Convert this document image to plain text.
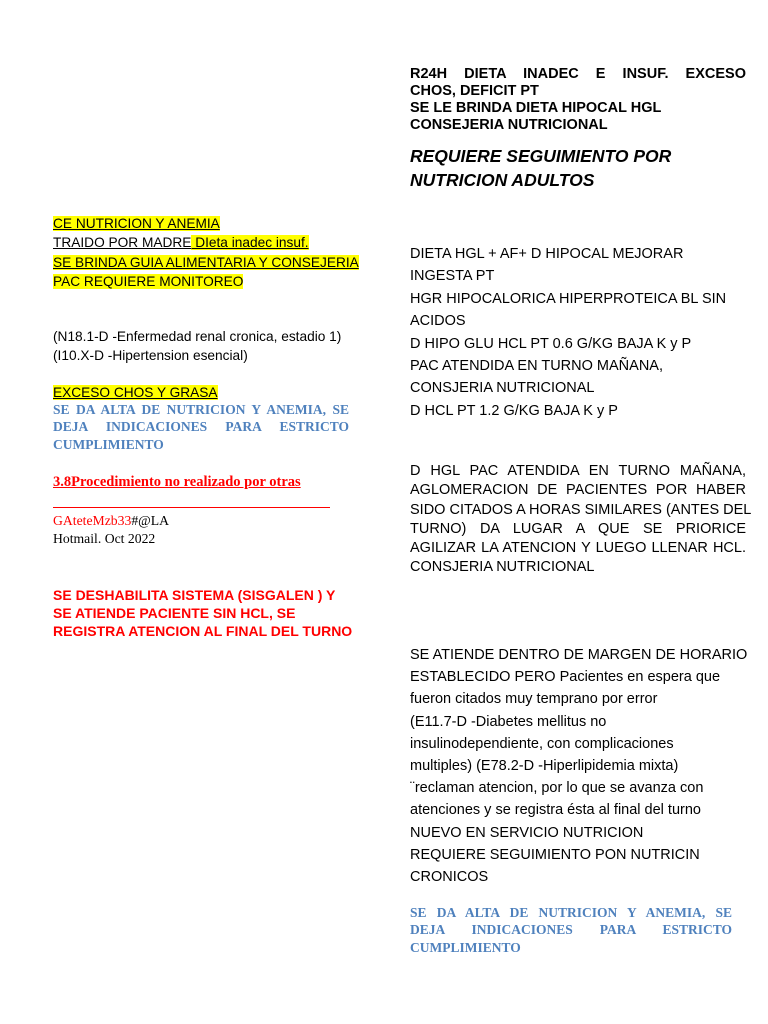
R24H DIETA INADEC E INSUF. EXCESO
CHOS, DEFICIT PT
SE LE BRINDA DIETA HIPOCAL HGL
CONSEJERIA NUTRICIONAL
REQUIERE SEGUIMIENTO POR
NUTRICION ADULTOS
DIETA HGL + AF+ D HIPOCAL MEJORAR
INGESTA PT
HGR HIPOCALORICA HIPERPROTEICA BL SIN
ACIDOS
D HIPO GLU HCL PT 0.6 G/KG BAJA K y P
PAC ATENDIDA EN TURNO MAÑANA,
CONSJERIA NUTRICIONAL
D HCL PT 1.2 G/KG BAJA K y P
D HGL PAC ATENDIDA EN TURNO MAÑANA,
AGLOMERACION DE PACIENTES POR HABER
SIDO CITADOS A HORAS SIMILARES (ANTES DEL
TURNO) DA LUGAR A QUE SE PRIORICE
AGILIZAR LA ATENCION Y LUEGO LLENAR HCL.
CONSJERIA NUTRICIONAL
SE ATIENDE DENTRO DE MARGEN DE HORARIO
ESTABLECIDO PERO Pacientes en espera que
fueron citados muy temprano por error
(E11.7-D -Diabetes mellitus no
insulinodependiente, con complicaciones
multiples) (E78.2-D -Hiperlipidemia mixta)
¨reclaman atencion, por lo que se avanza con
atenciones y se registra ésta al final del turno
NUEVO EN SERVICIO NUTRICION
REQUIERE SEGUIMIENTO PON NUTRICIN
CRONICOS
SE DA ALTA DE NUTRICION Y ANEMIA, SE
DEJA INDICACIONES PARA ESTRICTO
CUMPLIMIENTO
CE NUTRICION Y ANEMIA
TRAIDO POR MADRE DIeta inadec insuf.
SE BRINDA GUIA ALIMENTARIA Y CONSEJERIA
PAC REQUIERE MONITOREO
(N18.1-D -Enfermedad renal cronica, estadio 1)
(I10.X-D -Hipertension esencial)
EXCESO CHOS Y GRASA
SE DA ALTA DE NUTRICION Y ANEMIA, SE
DEJA INDICACIONES PARA ESTRICTO
CUMPLIMIENTO
3.8Procedimiento no realizado por otras
GAteteMzb33#@LA
Hotmail. Oct 2022
SE DESHABILITA SISTEMA (SISGALEN ) Y
SE ATIENDE PACIENTE SIN HCL, SE
REGISTRA ATENCION AL FINAL DEL TURNO
